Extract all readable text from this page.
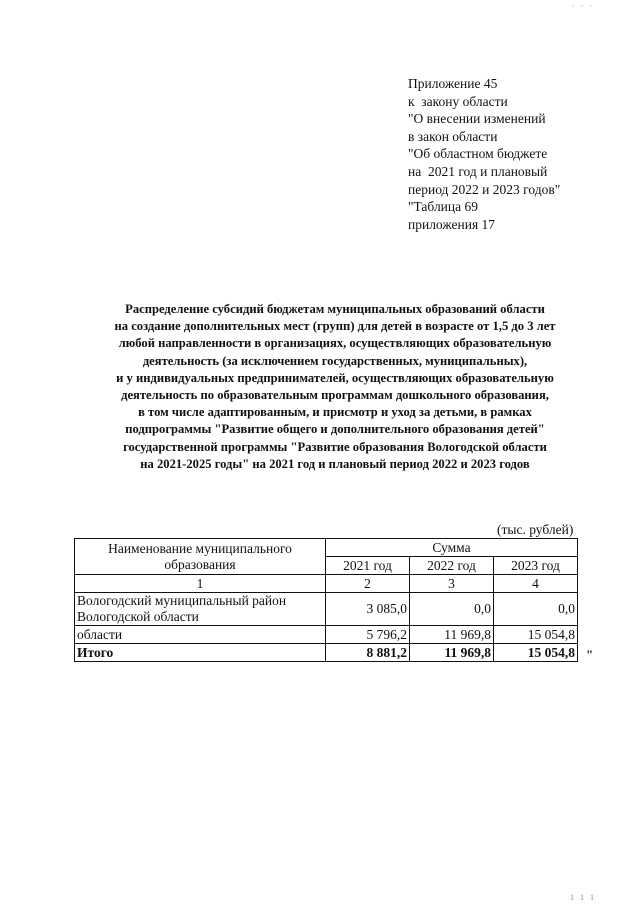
· · ·
Приложение 45
к  закону области
"О внесении изменений
в закон области
"Об областном бюджете
на  2021 год и плановый
период 2022 и 2023 годов"
"Таблица 69
приложения 17
Распределение субсидий бюджетам муниципальных образований области
на создание дополнительных мест (групп) для детей в возрасте от 1,5 до 3 лет
любой направленности в организациях, осуществляющих образовательную
деятельность (за исключением государственных, муниципальных),
и у индивидуальных предпринимателей, осуществляющих образовательную
деятельность по образовательным программам дошкольного образования,
в том числе адаптированным, и присмотр и уход за детьми, в рамках
подпрограммы "Развитие общего и дополнительного образования детей"
государственной программы "Развитие образования Вологодской области
на 2021-2025 годы" на 2021 год и плановый период 2022 и 2023 годов
(тыс. рублей)
Наименование муниципального
образования	Сумма		
	2021 год	2022 год	2023 год
1	2	3	4

Вологодский муниципальный район
Вологодской области	3 085,0	0,0	0,0
области	5 796,2	11 969,8	15 054,8
Итого	8 881,2	11 969,8	15 054,8 "
1 1 1
